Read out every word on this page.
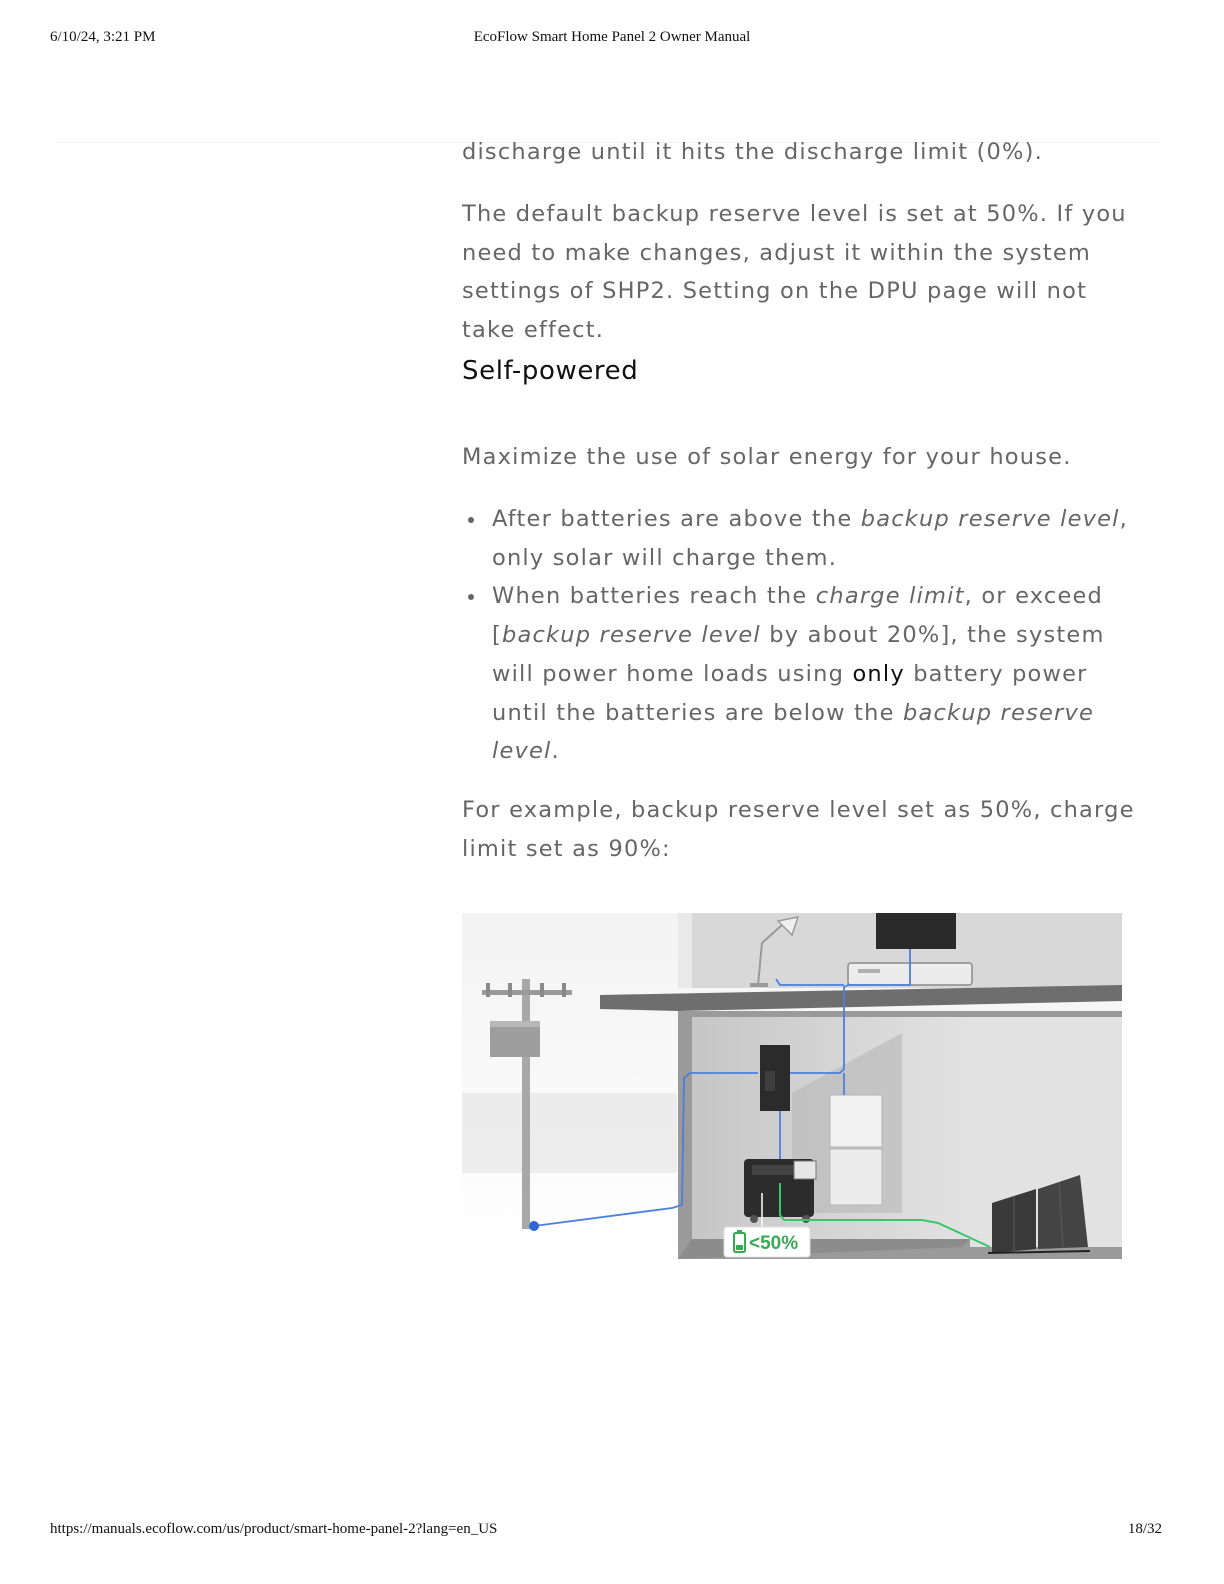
6/10/24, 3:21 PM	EcoFlow Smart Home Panel 2 Owner Manual

discharge until it hits the discharge limit (0%).

The default backup reserve level is set at 50%. If you need to make changes, adjust it within the system settings of SHP2. Setting on the DPU page will not take effect.

Self-powered

Maximize the use of solar energy for your house.

After batteries are above the backup reserve level, only solar will charge them.
When batteries reach the charge limit, or exceed [backup reserve level by about 20%], the system will power home loads using only battery power until the batteries are below the backup reserve level.

For example, backup reserve level set as 50%, charge limit set as 90%:

<50%
https://manuals.ecoflow.com/us/product/smart-home-panel-2?lang=en_US	18/32
